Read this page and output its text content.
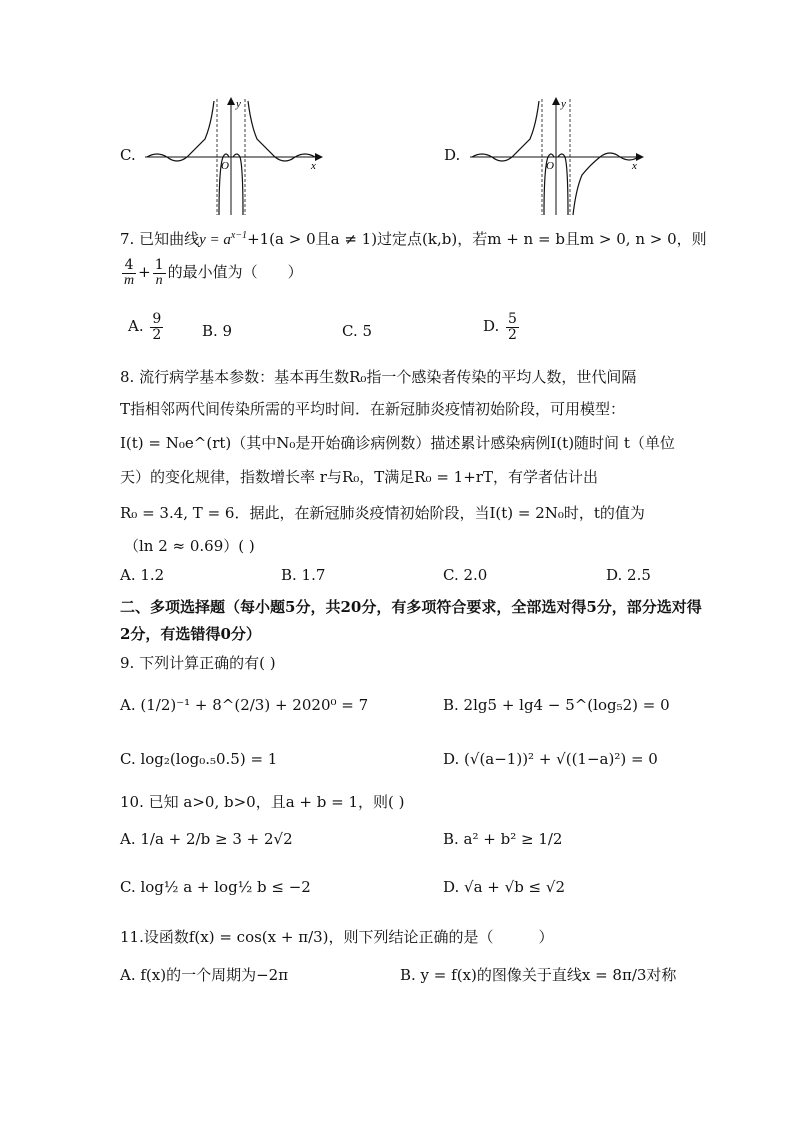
C.
y
x
O
D.
y
x
O
7. 已知曲线$y = a^{x-1}+1(a > 0$且a ≠ 1)过定点(k,b)，若m + n = b且m > 0, n > 0，则
$\frac{4}{m} + \frac{1}{n}$ 的最小值为（　　）
A. $\frac{9}{2}$	B. 9	C. 5	D. $\frac{5}{2}$
8. 流行病学基本参数：基本再生数R₀指一个感染者传染的平均人数，世代间隔
T指相邻两代间传染所需的平均时间．在新冠肺炎疫情初始阶段，可用模型：
I(t) = N₀e^(rt)（其中N₀是开始确诊病例数）描述累计感染病例I(t)随时间 t（单位
天）的变化规律，指数增长率 r与R₀，T满足R₀ = 1+rT，有学者估计出
R₀ = 3.4, T = 6．据此，在新冠肺炎疫情初始阶段，当I(t) = 2N₀时，t的值为
（ln 2 ≈ 0.69）( )
A. 1.2	B. 1.7	C. 2.0	D. 2.5
二、多项选择题（每小题5分，共20分，有多项符合要求，全部选对得5分，部分选对得
2分，有选错得0分）
9. 下列计算正确的有( )
A. (1/2)⁻¹ + 8^(2/3) + 2020⁰ = 7	B. 2lg5 + lg4 − 5^(log₅2) = 0
C. log₂(log₀.₅0.5) = 1	D. (√(a−1))² + √((1−a)²) = 0
10. 已知 a>0, b>0，且a + b = 1，则( )
A. 1/a + 2/b ≥ 3 + 2√2	B. a² + b² ≥ 1/2
C. log½ a + log½ b ≤ −2	D. √a + √b ≤ √2
11.设函数f(x) = cos(x + π/3)，则下列结论正确的是（　　　）
A. f(x)的一个周期为−2π	B. y = f(x)的图像关于直线x = 8π/3对称
